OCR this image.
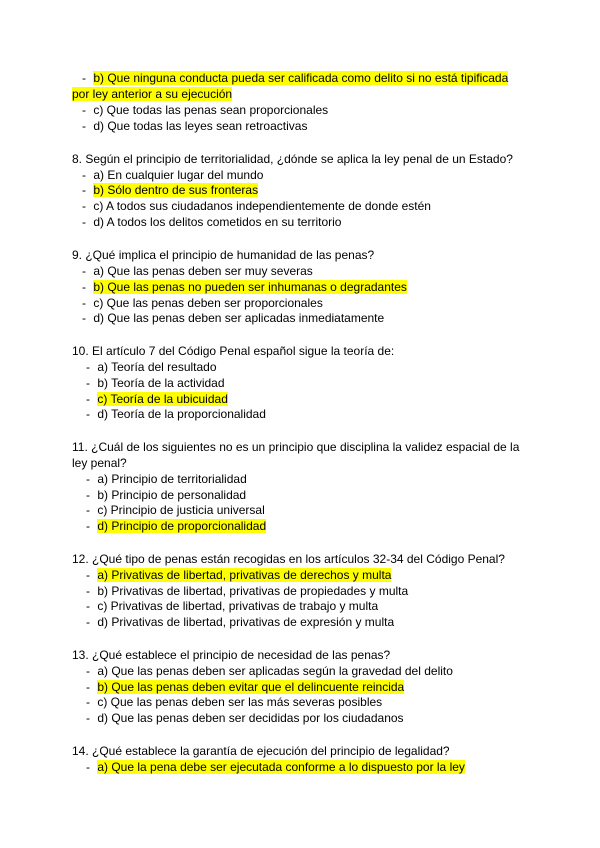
- b) Que ninguna conducta pueda ser calificada como delito si no está tipificada
por ley anterior a su ejecución
- c) Que todas las penas sean proporcionales
- d) Que todas las leyes sean retroactivas
8. Según el principio de territorialidad, ¿dónde se aplica la ley penal de un Estado?
- a) En cualquier lugar del mundo
- b) Sólo dentro de sus fronteras
- c) A todos sus ciudadanos independientemente de donde estén
- d) A todos los delitos cometidos en su territorio
9. ¿Qué implica el principio de humanidad de las penas?
- a) Que las penas deben ser muy severas
- b) Que las penas no pueden ser inhumanas o degradantes
- c) Que las penas deben ser proporcionales
- d) Que las penas deben ser aplicadas inmediatamente
10. El artículo 7 del Código Penal español sigue la teoría de:
- a) Teoría del resultado
- b) Teoría de la actividad
- c) Teoría de la ubicuidad
- d) Teoría de la proporcionalidad
11. ¿Cuál de los siguientes no es un principio que disciplina la validez espacial de la
ley penal?
- a) Principio de territorialidad
- b) Principio de personalidad
- c) Principio de justicia universal
- d) Principio de proporcionalidad
12. ¿Qué tipo de penas están recogidas en los artículos 32-34 del Código Penal?
- a) Privativas de libertad, privativas de derechos y multa
- b) Privativas de libertad, privativas de propiedades y multa
- c) Privativas de libertad, privativas de trabajo y multa
- d) Privativas de libertad, privativas de expresión y multa
13. ¿Qué establece el principio de necesidad de las penas?
- a) Que las penas deben ser aplicadas según la gravedad del delito
- b) Que las penas deben evitar que el delincuente reincida
- c) Que las penas deben ser las más severas posibles
- d) Que las penas deben ser decididas por los ciudadanos
14. ¿Qué establece la garantía de ejecución del principio de legalidad?
- a) Que la pena debe ser ejecutada conforme a lo dispuesto por la ley
